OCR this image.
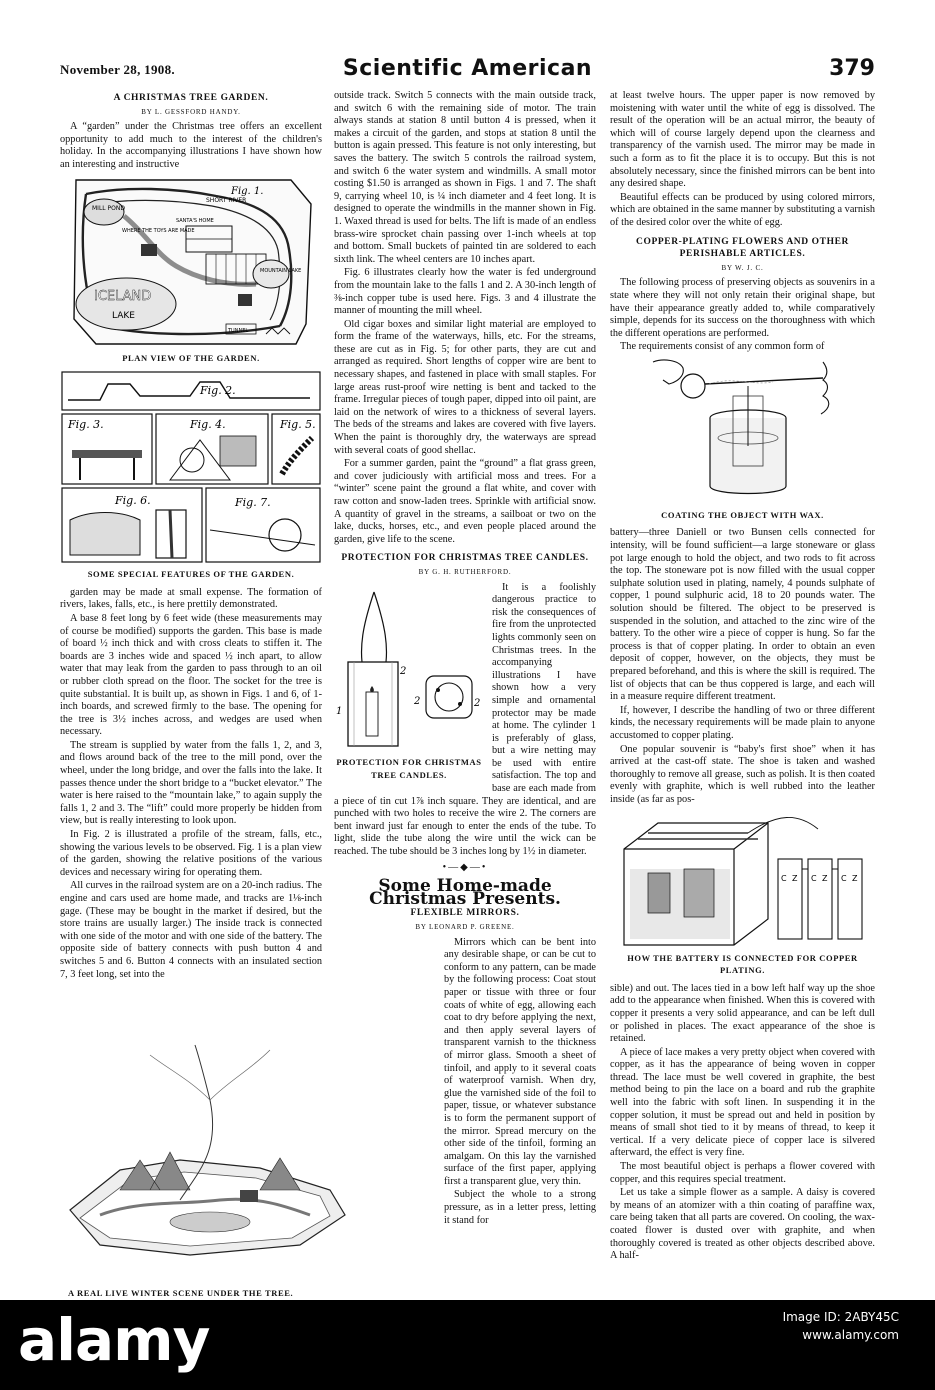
November 28, 1908.	Scientific American	379
A CHRISTMAS TREE GARDEN.
BY L. GESSFORD HANDY.

A “garden” under the Christmas tree offers an excellent opportunity to add much to the interest of the children's holiday. In the accompanying illustrations I have shown how an interesting and instructive

MILL POND
WHERE THE TOYS ARE MADE
SANTA'S HOME
SHORT RIVER
ICELAND
LAKE
MOUNTAIN LAKE
TUNNEL
Fig. 1.
PLAN VIEW OF THE GARDEN.
Fig. 2.
Fig. 3.	Fig. 4.	Fig. 5.
Fig. 6.	Fig. 7.
SOME SPECIAL FEATURES OF THE GARDEN.

garden may be made at small expense. The formation of rivers, lakes, falls, etc., is here prettily demonstrated.

A base 8 feet long by 6 feet wide (these measurements may of course be modified) supports the garden. This base is made of board ½ inch thick and with cross cleats to stiffen it. The boards are 3 inches wide and spaced ½ inch apart, to allow water that may leak from the garden to pass through to an oil or rubber cloth spread on the floor. The socket for the tree is quite substantial. It is built up, as shown in Figs. 1 and 6, of 1-inch boards, and screwed firmly to the base. The opening for the tree is 3½ inches across, and wedges are used when necessary.

The stream is supplied by water from the falls 1, 2, and 3, and flows around back of the tree to the mill pond, over the wheel, under the long bridge, and over the falls into the lake. It passes thence under the short bridge to a “bucket elevator.” The water is here raised to the “mountain lake,” to again supply the falls 1, 2 and 3. The “lift” could more properly be hidden from view, but is really interesting to look upon.

In Fig. 2 is illustrated a profile of the stream, falls, etc., showing the various levels to be observed. Fig. 1 is a plan view of the garden, showing the relative positions of the various devices and necessary wiring for operating them.

All curves in the railroad system are on a 20-inch radius. The engine and cars used are home made, and tracks are 1⅛-inch gage. (These may be bought in the market if desired, but the store trains are usually larger.) The inside track is connected with one side of the motor and with one side of the battery. The opposite side of battery connects with push button 4 and switches 5 and 6. Button 4 connects with an insulated section 7, 3 feet long, set into the

A REAL LIVE WINTER SCENE UNDER THE TREE.

outside track. Switch 5 connects with the main outside track, and switch 6 with the remaining side of motor. The train always stands at station 8 until button 4 is pressed, when it makes a circuit of the garden, and stops at station 8 until the button is again pressed. This feature is not only interesting, but saves the battery. The switch 5 controls the railroad system, and switch 6 the water system and windmills. A small motor costing $1.50 is arranged as shown in Figs. 1 and 7. The shaft 9, carrying wheel 10, is ¼ inch diameter and 4 feet long. It is designed to operate the windmills in the manner shown in Fig. 1. Waxed thread is used for belts. The lift is made of an endless brass-wire sprocket chain passing over 1-inch wheels at top and bottom. Small buckets of painted tin are soldered to each sixth link. The wheel centers are 10 inches apart.

Fig. 6 illustrates clearly how the water is fed underground from the mountain lake to the falls 1 and 2. A 30-inch length of ⅜-inch copper tube is used here. Figs. 3 and 4 illustrate the manner of mounting the mill wheel.

Old cigar boxes and similar light material are employed to form the frame of the waterways, hills, etc. For the streams, these are cut as in Fig. 5; for other parts, they are cut and arranged as required. Short lengths of copper wire are bent to necessary shapes, and fastened in place with small staples. For large areas rust-proof wire netting is bent and tacked to the frame. Irregular pieces of tough paper, dipped into oil paint, are laid on the network of wires to a thickness of several layers. The beds of the streams and lakes are covered with five layers. When the paint is thoroughly dry, the waterways are spread with several coats of good shellac.

For a summer garden, paint the “ground” a flat grass green, and cover judiciously with artificial moss and trees. For a “winter” scene paint the ground a flat white, and cover with raw cotton and snow-laden trees. Sprinkle with artificial snow. A quantity of gravel in the streams, a sailboat or two on the lake, ducks, horses, etc., and even people placed around the garden, give life to the scene.

PROTECTION FOR CHRISTMAS TREE CANDLES.
BY G. H. RUTHERFORD.
2
1
2	2
PROTECTION FOR CHRISTMAS TREE CANDLES.

It is a foolishly dangerous practice to risk the consequences of fire from the unprotected lights commonly seen on Christmas trees. In the accompanying illustrations I have shown how a very simple and ornamental protector may be made at home. The cylinder 1 is preferably of glass, but a wire netting may be used with entire satisfaction. The top and base are each made from a piece of tin cut 1⅞ inch square. They are identical, and are punched with two holes to receive the wire 2. The corners are bent inward just far enough to enter the ends of the tube. To light, slide the tube along the wire until the wick can be reached. The tube should be 3 inches long by 1½ in diameter.

•—◆—•
Some Home-made Christmas Presents.
FLEXIBLE MIRRORS.
BY LEONARD P. GREENE.

Mirrors which can be bent into any desirable shape, or can be cut to conform to any pattern, can be made by the following process: Coat stout paper or tissue with three or four coats of white of egg, allowing each coat to dry before applying the next, and then apply several layers of transparent varnish to the thickness of mirror glass. Smooth a sheet of tinfoil, and apply to it several coats of waterproof varnish. When dry, glue the varnished side of the foil to paper, tissue, or whatever substance is to form the permanent support of the mirror. Spread mercury on the other side of the tinfoil, forming an amalgam. On this lay the varnished surface of the first paper, applying first a transparent glue, very thin.

Subject the whole to a strong pressure, as in a letter press, letting it stand for

at least twelve hours. The upper paper is now removed by moistening with water until the white of egg is dissolved. The result of the operation will be an actual mirror, the beauty of which will of course largely depend upon the clearness and transparency of the varnish used. The mirror may be made in such a form as to fit the place it is to occupy. But this is not absolutely necessary, since the finished mirrors can be bent into any desired shape.

Beautiful effects can be produced by using colored mirrors, which are obtained in the same manner by substituting a varnish of the desired color over the white of egg.

COPPER-PLATING FLOWERS AND OTHER PERISHABLE ARTICLES.
BY W. J. C.

The following process of preserving objects as souvenirs in a state where they will not only retain their original shape, but have their appearance greatly added to, while comparatively simple, depends for its success on the thoroughness with which the different operations are performed.

The requirements consist of any common form of

COATING THE OBJECT WITH WAX.

battery—three Daniell or two Bunsen cells connected for intensity, will be found sufficient—a large stoneware or glass pot large enough to hold the object, and two rods to fit across the top. The stoneware pot is now filled with the usual copper sulphate solution used in plating, namely, 4 pounds sulphate of copper, 1 pound sulphuric acid, 18 to 20 pounds water. The solution should be filtered. The object to be preserved is suspended in the solution, and attached to the zinc wire of the battery. To the other wire a piece of copper is hung. So far the process is that of copper plating. In order to obtain an even deposit of copper, however, on the objects, they must be prepared beforehand, and this is where the skill is required. The list of objects that can be thus coppered is large, and each will in a measure require different treatment.

If, however, I describe the handling of two or three different kinds, the necessary requirements will be made plain to anyone accustomed to copper plating.

One popular souvenir is “baby's first shoe” when it has arrived at the cast-off state. The shoe is taken and washed thoroughly to remove all grease, such as polish. It is then coated evenly with graphite, which is well rubbed into the leather inside (as far as pos-

C Z C Z C Z
HOW THE BATTERY IS CONNECTED FOR COPPER PLATING.

sible) and out. The laces tied in a bow left half way up the shoe add to the appearance when finished. When this is covered with copper it presents a very solid appearance, and can be left dull or polished in places. The exact appearance of the shoe is retained.

A piece of lace makes a very pretty object when covered with copper, as it has the appearance of being woven in copper thread. The lace must be well covered in graphite, the best method being to pin the lace on a board and rub the graphite well into the fabric with soft linen. In suspending it in the copper solution, it must be spread out and held in position by means of small shot tied to it by means of thread, to keep it vertical. If a very delicate piece of copper lace is silvered afterward, the effect is very fine.

The most beautiful object is perhaps a flower covered with copper, and this requires special treatment.

Let us take a simple flower as a sample. A daisy is covered by means of an atomizer with a thin coating of paraffine wax, care being taken that all parts are covered. On cooling, the wax-coated flower is dusted over with graphite, and when thoroughly covered is treated as other objects described above. A half-

alamy	Image ID: 2ABY45C
www.alamy.com
